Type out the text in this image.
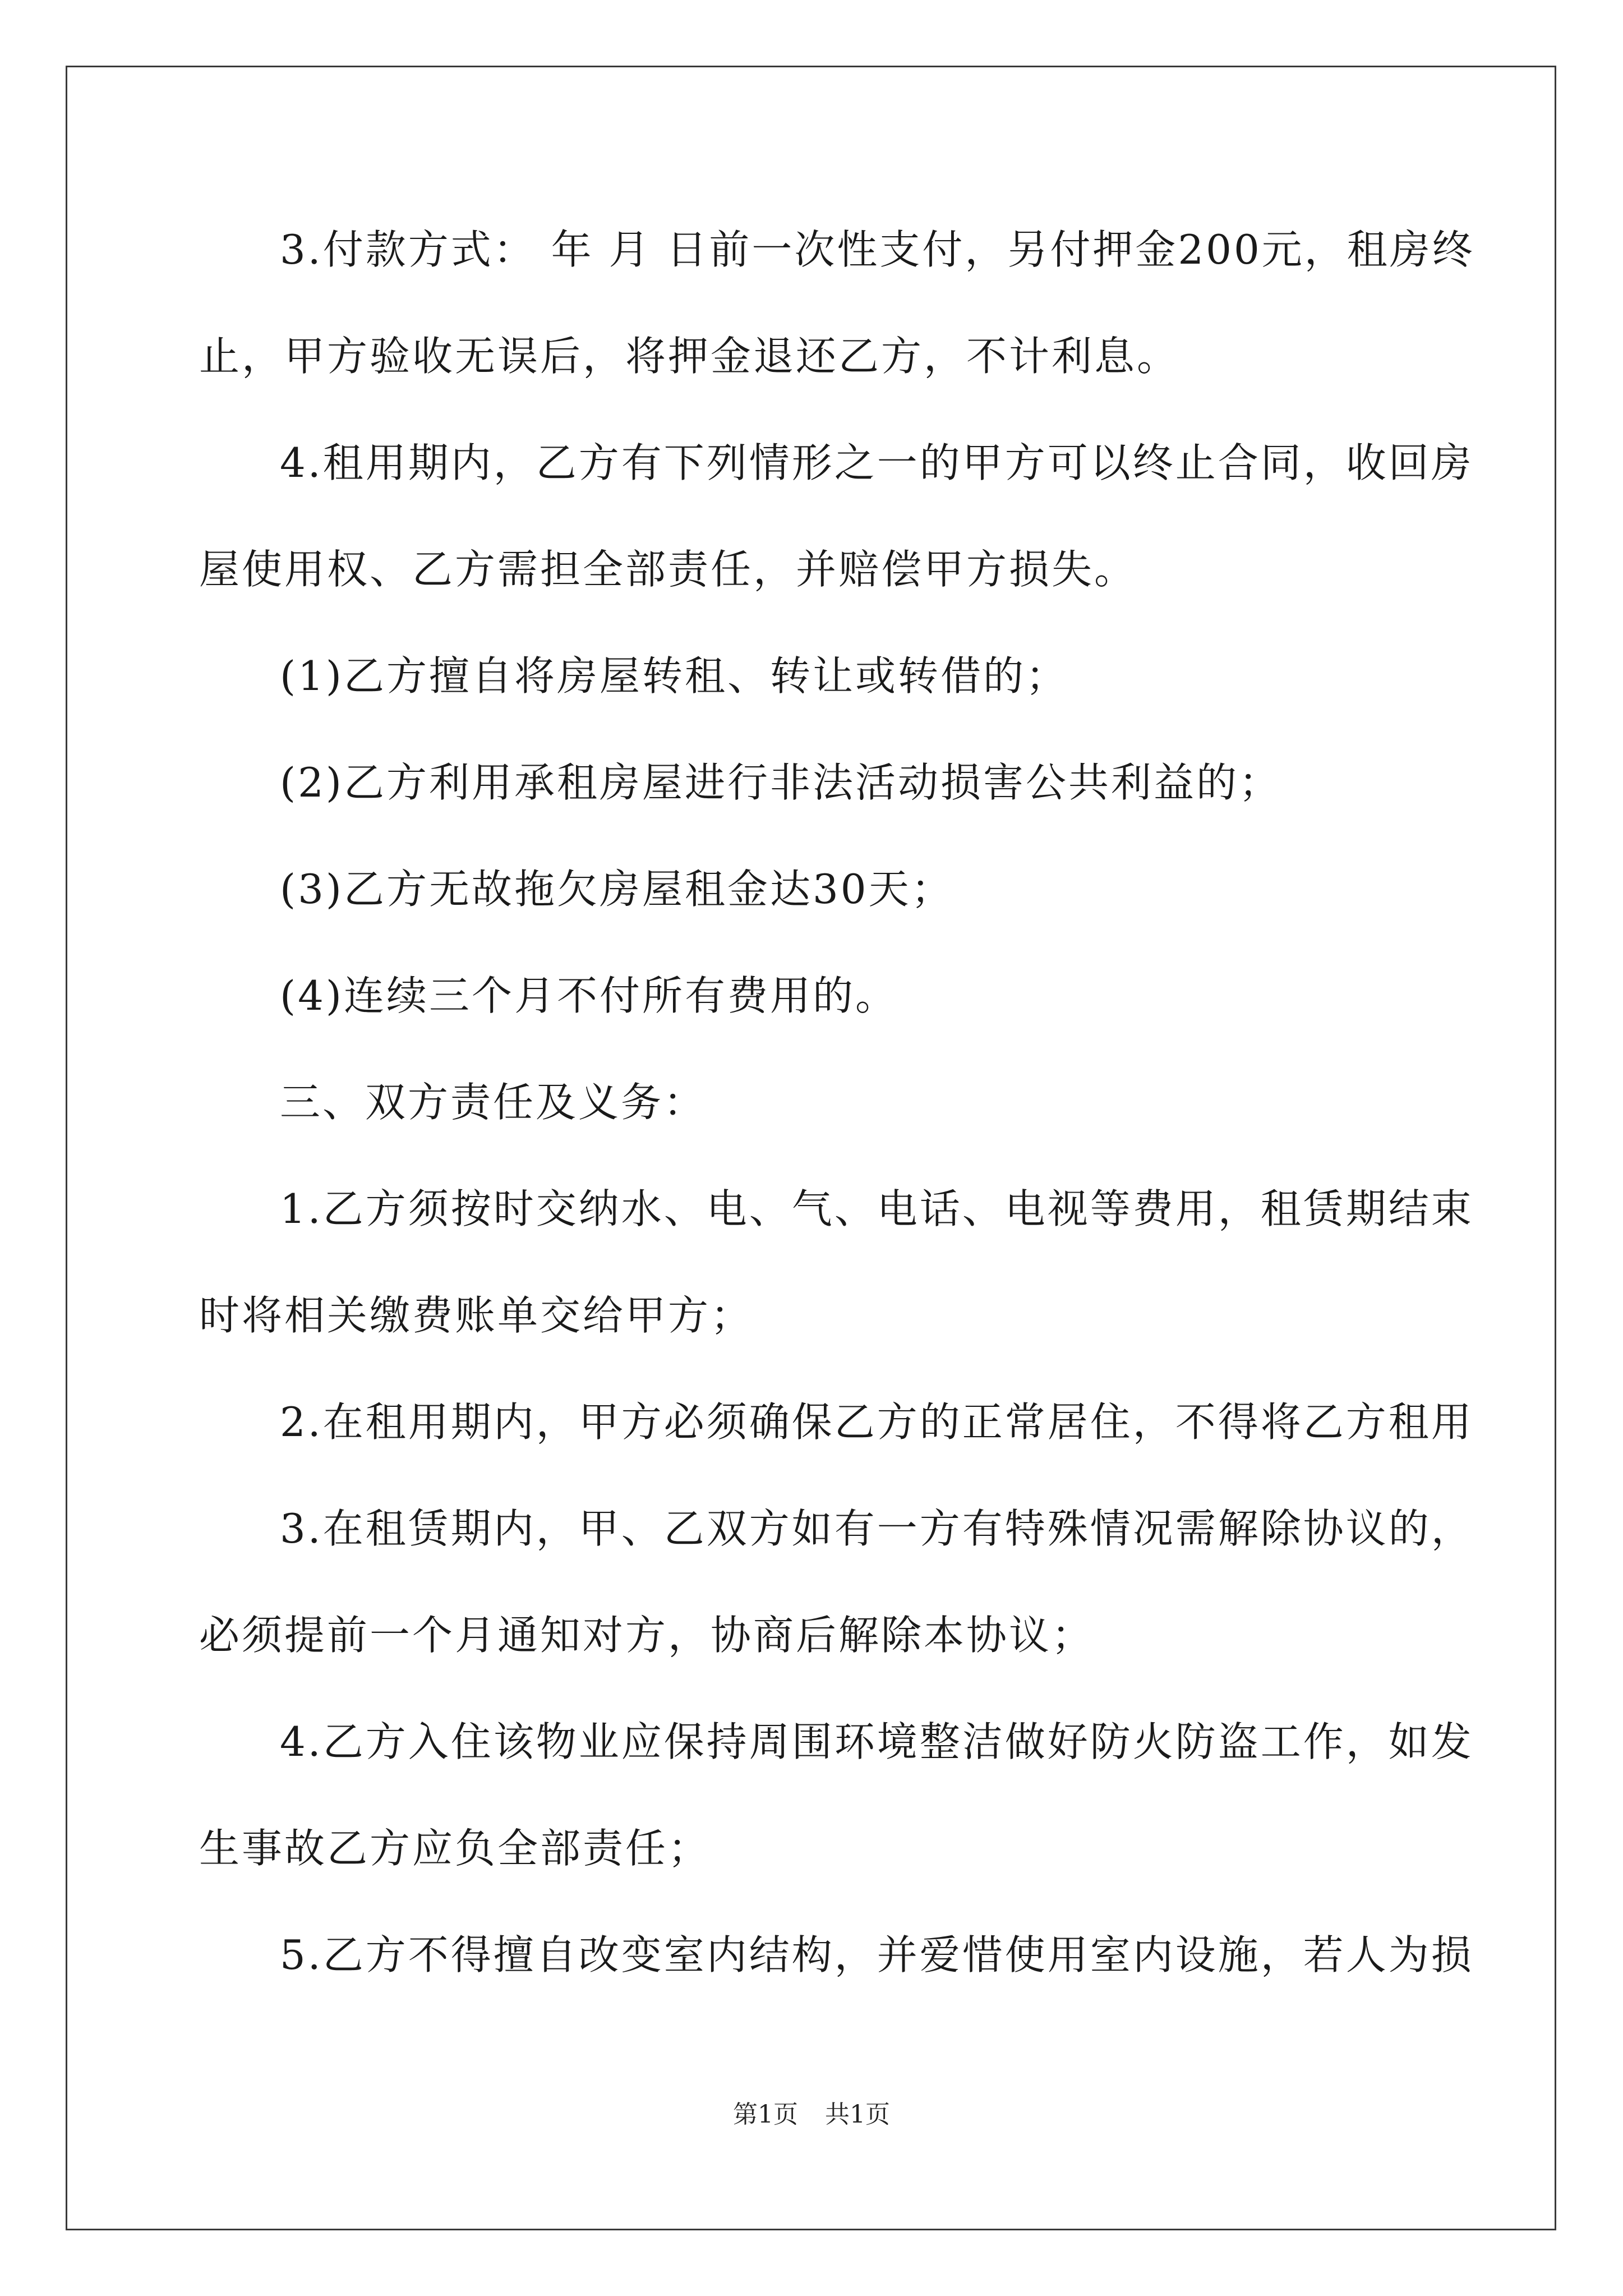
3.付款方式： 年 月 日前一次性支付，另付押金200元，租房终
止，甲方验收无误后，将押金退还乙方，不计利息。
4.租用期内，乙方有下列情形之一的甲方可以终止合同，收回房
屋使用权、乙方需担全部责任，并赔偿甲方损失。
(1)乙方擅自将房屋转租、转让或转借的；
(2)乙方利用承租房屋进行非法活动损害公共利益的；
(3)乙方无故拖欠房屋租金达30天；
(4)连续三个月不付所有费用的。
三、双方责任及义务：
1.乙方须按时交纳水、电、气、电话、电视等费用，租赁期结束
时将相关缴费账单交给甲方；
2.在租用期内，甲方必须确保乙方的正常居住，不得将乙方租用
3.在租赁期内，甲、乙双方如有一方有特殊情况需解除协议的，
必须提前一个月通知对方，协商后解除本协议；
4.乙方入住该物业应保持周围环境整洁做好防火防盗工作，如发
生事故乙方应负全部责任；
5.乙方不得擅自改变室内结构，并爱惜使用室内设施，若人为损
第1页 共1页
